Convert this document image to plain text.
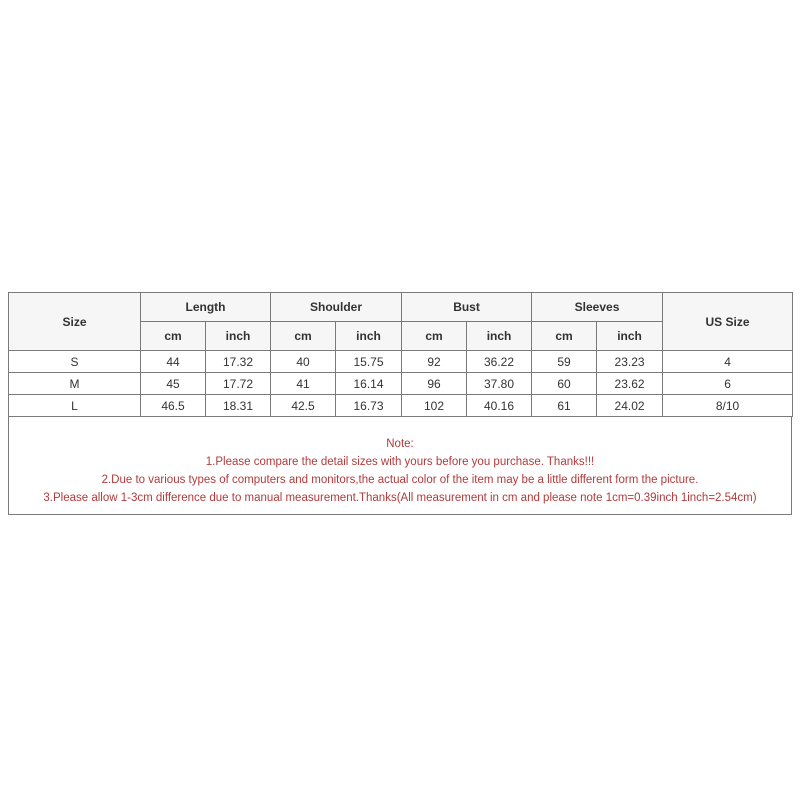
Size	Length		Shoulder		Bust		Sleeves		US Size
	cm	inch	cm	inch	cm	inch	cm	inch	
S	44	17.32	40	15.75	92	36.22	59	23.23	4
M	45	17.72	41	16.14	96	37.80	60	23.62	6
L	46.5	18.31	42.5	16.73	102	40.16	61	24.02	8/10
Note:
1.Please compare the detail sizes with yours before you purchase. Thanks!!!
2.Due to various types of computers and monitors,the actual color of the item may be a little different form the picture.
3.Please allow 1-3cm difference due to manual measurement.Thanks(All measurement in cm and please note 1cm=0.39inch 1inch=2.54cm)
